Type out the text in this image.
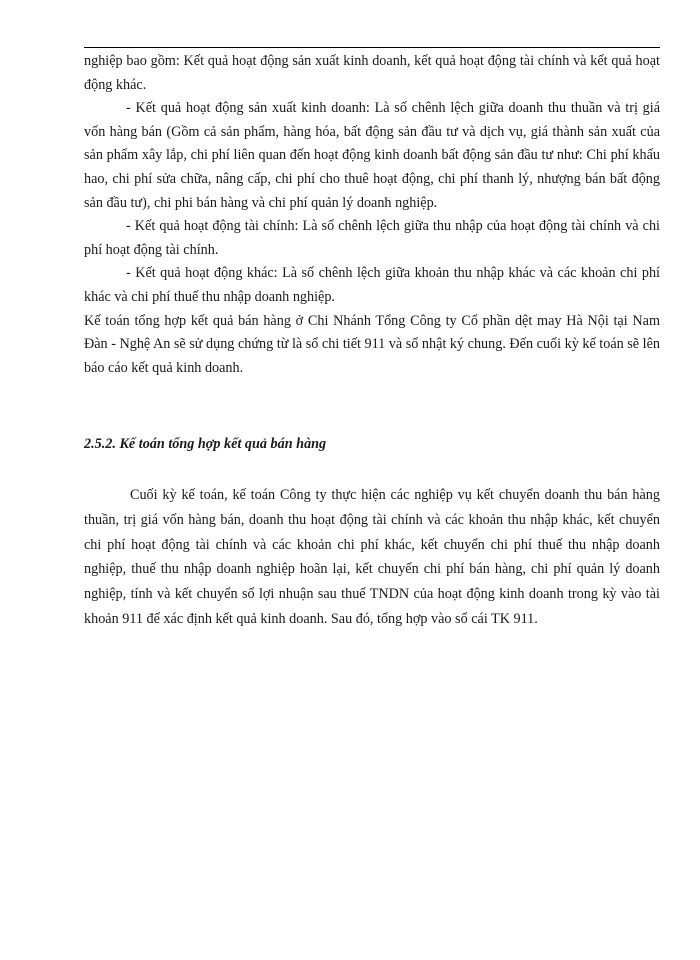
nghiệp bao gồm: Kết quả hoạt động sản xuất kinh doanh, kết quả hoạt động tài chính và kết quả hoạt động khác.

- Kết quả hoạt động sản xuất kinh doanh: Là số chênh lệch giữa doanh thu thuần và trị giá vốn hàng bán (Gồm cả sản phẩm, hàng hóa, bất động sản đầu tư và dịch vụ, giá thành sản xuất của sản phẩm xây lắp, chi phí liên quan đến hoạt động kinh doanh bất động sản đầu tư như: Chi phí khấu hao, chi phí sửa chữa, nâng cấp, chi phí cho thuê hoạt động, chi phí thanh lý, nhượng bán bất động sản đầu tư), chi phi bán hàng và chi phí quản lý doanh nghiệp.

- Kết quả hoạt động tài chính: Là số chênh lệch giữa thu nhập của hoạt động tài chính và chi phí hoạt động tài chính.

- Kết quả hoạt động khác: Là số chênh lệch giữa khoản thu nhập khác và các khoản chi phí khác và chi phí thuế thu nhập doanh nghiệp.

Kế toán tổng hợp kết quả bán hàng ở Chi Nhánh Tổng Công ty Cổ phần dệt may Hà Nội tại Nam Đàn - Nghệ An sẽ sử dụng chứng từ là sổ chi tiết 911 và sổ nhật ký chung. Đến cuối kỳ kế toán sẽ lên báo cáo kết quả kinh doanh.

2.5.2. Kế toán tổng hợp kết quả bán hàng

Cuối kỳ kế toán, kế toán Công ty thực hiện các nghiệp vụ kết chuyển doanh thu bán hàng thuần, trị giá vốn hàng bán, doanh thu hoạt động tài chính và các khoản thu nhập khác, kết chuyển chi phí hoạt động tài chính và các khoản chi phí khác, kết chuyển chi phí thuế thu nhập doanh nghiệp, thuế thu nhập doanh nghiệp hoãn lại, kết chuyển chi phí bán hàng, chi phí quản lý doanh nghiệp, tính và kết chuyển số lợi nhuận sau thuế TNDN của hoạt động kinh doanh trong kỳ vào tài khoản 911 để xác định kết quả kinh doanh. Sau đó, tổng hợp vào sổ cái TK 911.
